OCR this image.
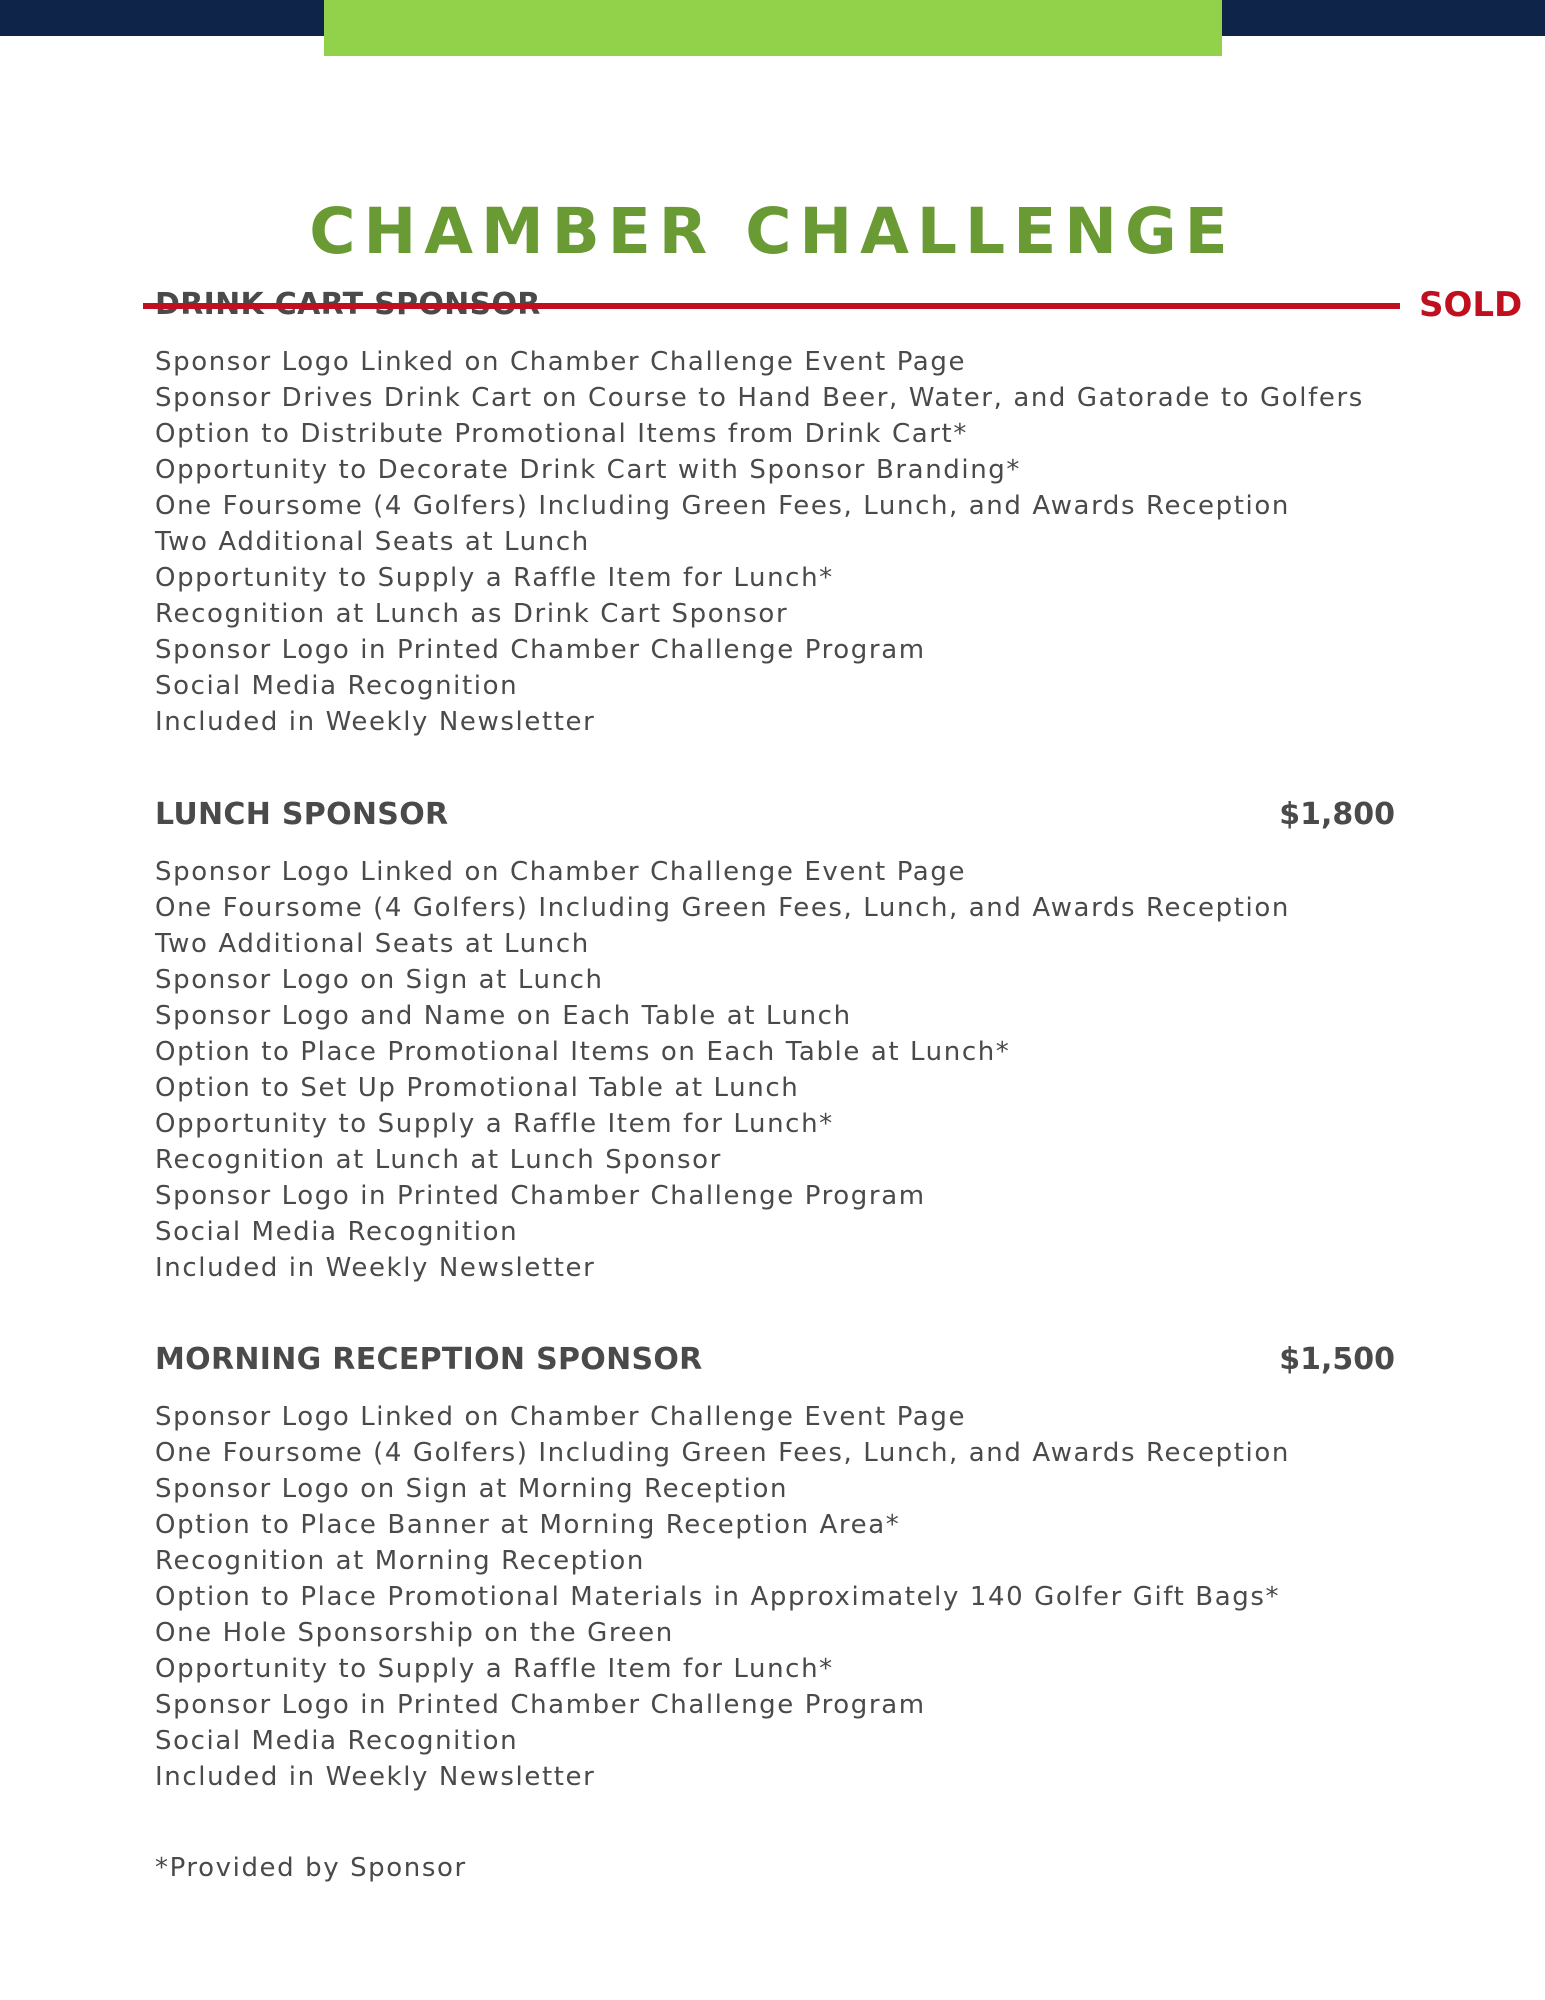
CHAMBER CHALLENGE
SOLD
Sponsor Logo Linked on Chamber Challenge Event Page
Sponsor Drives Drink Cart on Course to Hand Beer, Water, and Gatorade to Golfers
Option to Distribute Promotional Items from Drink Cart*
Opportunity to Decorate Drink Cart with Sponsor Branding*
One Foursome (4 Golfers) Including Green Fees, Lunch, and Awards Reception
Two Additional Seats at Lunch
Opportunity to Supply a Raffle Item for Lunch*
Recognition at Lunch as Drink Cart Sponsor
Sponsor Logo in Printed Chamber Challenge Program
Social Media Recognition
Included in Weekly Newsletter
LUNCH SPONSOR	$1,800
Sponsor Logo Linked on Chamber Challenge Event Page
One Foursome (4 Golfers) Including Green Fees, Lunch, and Awards Reception
Two Additional Seats at Lunch
Sponsor Logo on Sign at Lunch
Sponsor Logo and Name on Each Table at Lunch
Option to Place Promotional Items on Each Table at Lunch*
Option to Set Up Promotional Table at Lunch
Opportunity to Supply a Raffle Item for Lunch*
Recognition at Lunch at Lunch Sponsor
Sponsor Logo in Printed Chamber Challenge Program
Social Media Recognition
Included in Weekly Newsletter
MORNING RECEPTION SPONSOR	$1,500
Sponsor Logo Linked on Chamber Challenge Event Page
One Foursome (4 Golfers) Including Green Fees, Lunch, and Awards Reception
Sponsor Logo on Sign at Morning Reception
Option to Place Banner at Morning Reception Area*
Recognition at Morning Reception
Option to Place Promotional Materials in Approximately 140 Golfer Gift Bags*
One Hole Sponsorship on the Green
Opportunity to Supply a Raffle Item for Lunch*
Sponsor Logo in Printed Chamber Challenge Program
Social Media Recognition
Included in Weekly Newsletter
*Provided by Sponsor
